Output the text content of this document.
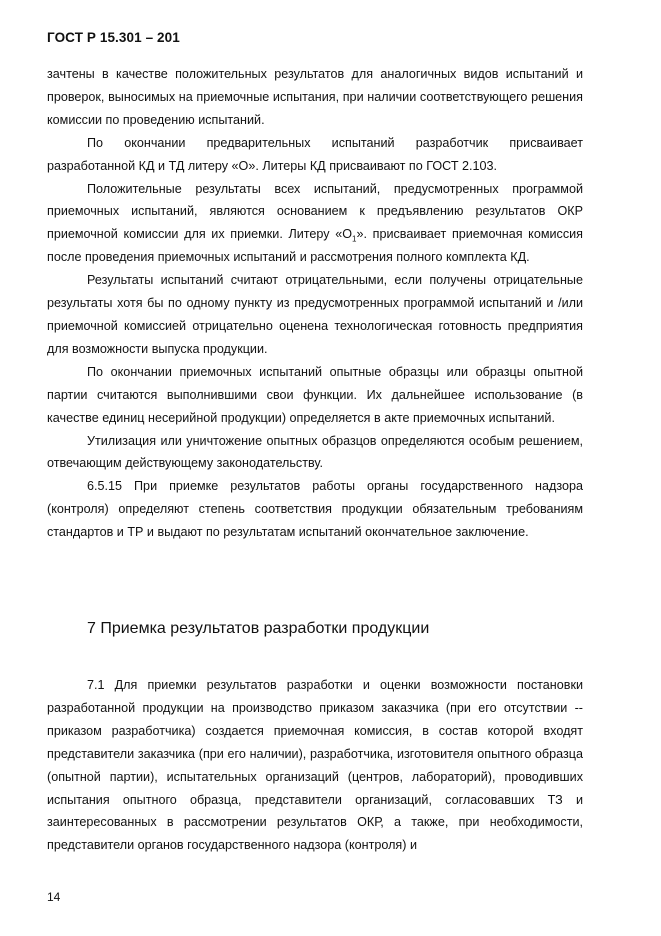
ГОСТ Р 15.301 – 201

зачтены в качестве положительных результатов для аналогичных видов испытаний и проверок, выносимых на приемочные испытания, при наличии соответствующего решения комиссии по проведению испытаний.

По окончании предварительных испытаний разработчик присваивает разработанной КД и ТД литеру «О». Литеры КД присваивают по ГОСТ 2.103.

Положительные результаты всех испытаний, предусмотренных программой приемочных испытаний, являются основанием к предъявлению результатов ОКР приемочной комиссии для их приемки. Литеру «$О_1$». присваивает приемочная комиссия после проведения приемочных испытаний и рассмотрения полного комплекта КД.

Результаты испытаний считают отрицательными, если получены отрицательные результаты хотя бы по одному пункту из предусмотренных программой испытаний и /или приемочной комиссией отрицательно оценена технологическая готовность предприятия для возможности выпуска продукции.

По окончании приемочных испытаний опытные образцы или образцы опытной партии считаются выполнившими свои функции. Их дальнейшее использование (в качестве единиц несерийной продукции) определяется в акте приемочных испытаний.

Утилизация или уничтожение опытных образцов определяются особым решением, отвечающим действующему законодательству.

6.5.15 При приемке результатов работы органы государственного надзора (контроля) определяют степень соответствия продукции обязательным требованиям стандартов и ТР и выдают по результатам испытаний окончательное заключение.

7 Приемка результатов разработки продукции

7.1 Для приемки результатов разработки и оценки возможности постановки разработанной продукции на производство приказом заказчика (при его отсутствии -- приказом разработчика) создается приемочная комиссия, в состав которой входят представители заказчика (при его наличии), разработчика, изготовителя опытного образца (опытной партии), испытательных организаций (центров, лабораторий), проводивших испытания опытного образца, представители организаций, согласовавших ТЗ и заинтересованных в рассмотрении результатов ОКР, а также, при необходимости, представители органов государственного надзора (контроля) и

14
